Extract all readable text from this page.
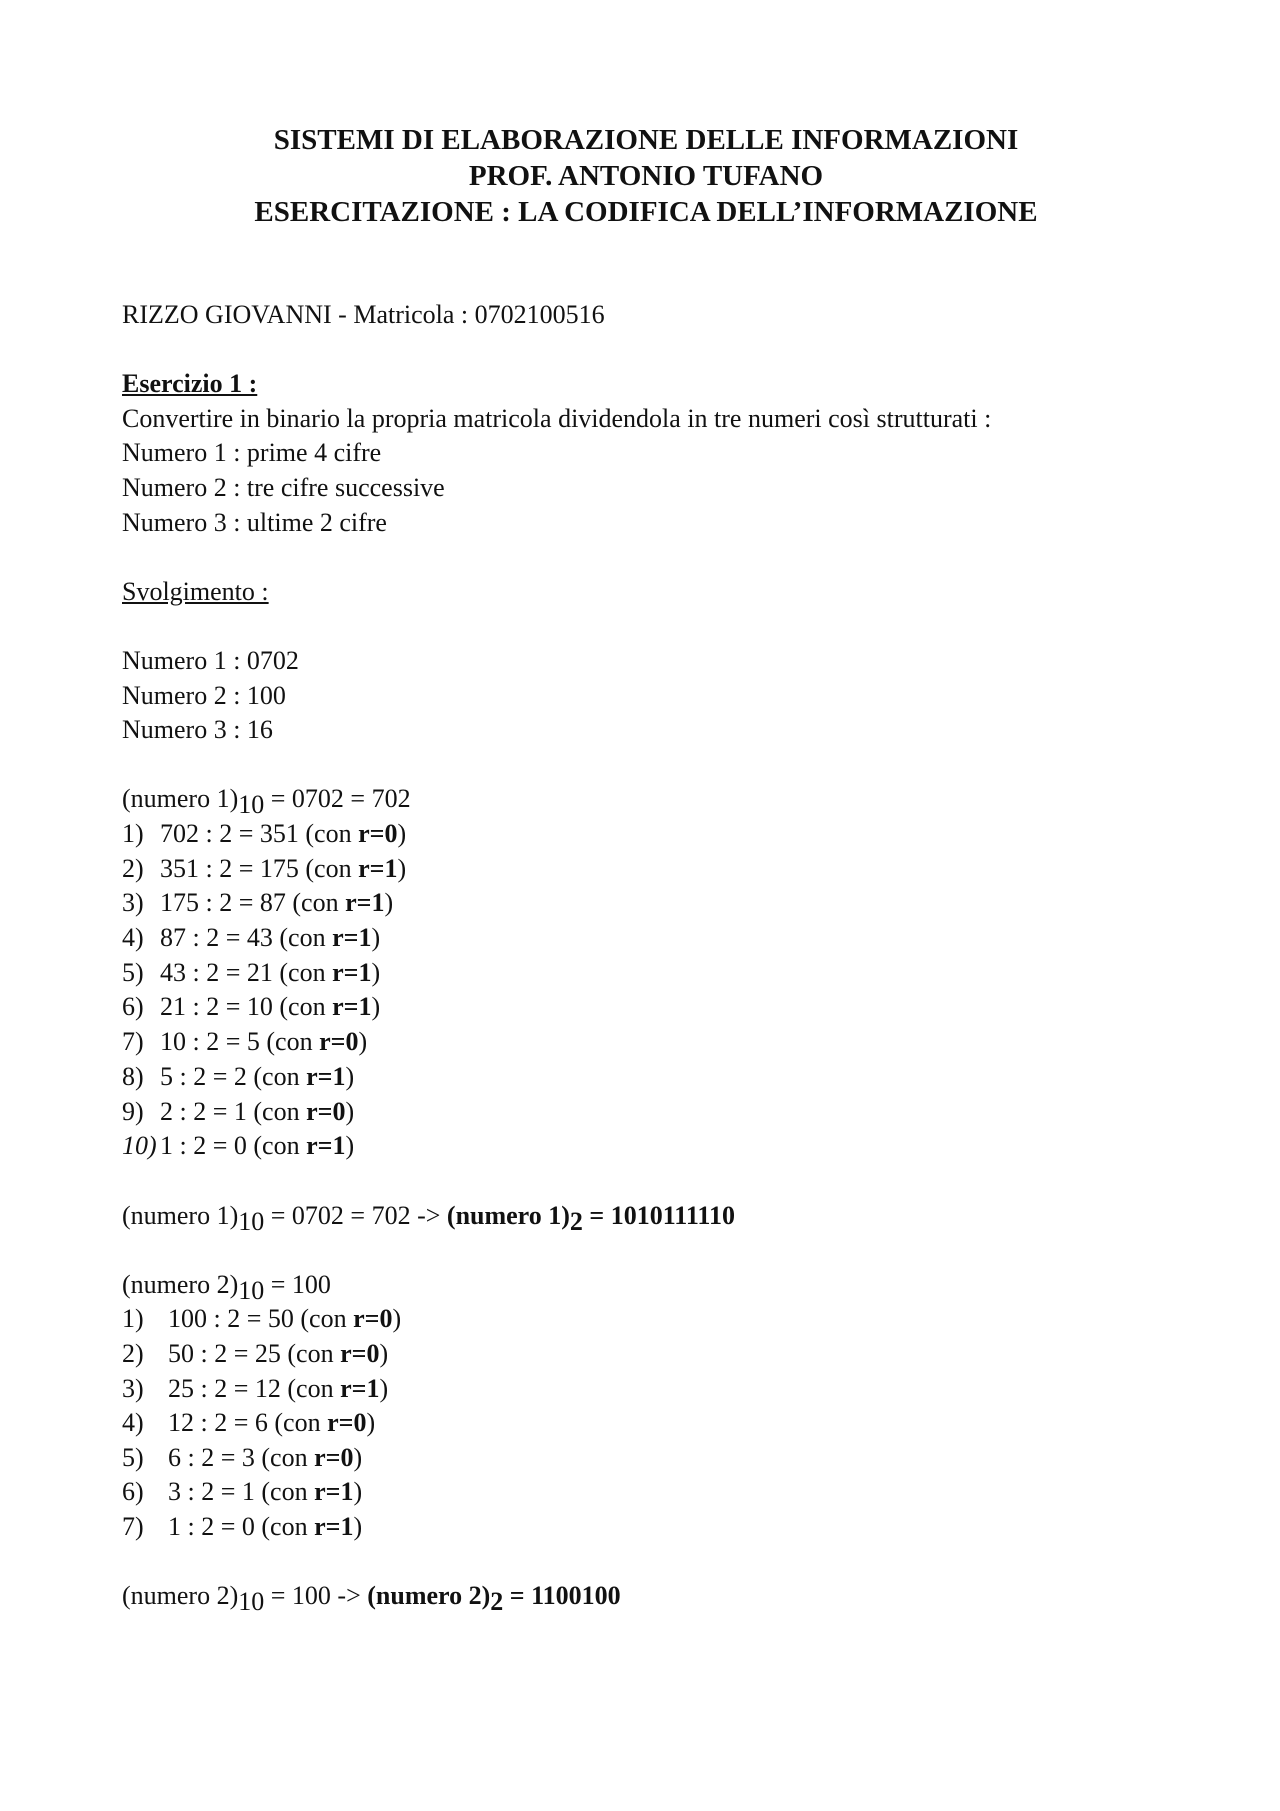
SISTEMI DI ELABORAZIONE DELLE INFORMAZIONI
PROF. ANTONIO TUFANO
ESERCITAZIONE : LA CODIFICA DELL’INFORMAZIONE
RIZZO GIOVANNI - Matricola : 0702100516
Esercizio 1 :
Convertire in binario la propria matricola dividendola in tre numeri così strutturati :
Numero 1 : prime 4 cifre
Numero 2 : tre cifre successive
Numero 3 : ultime 2 cifre
Svolgimento :
Numero 1 : 0702
Numero 2 : 100
Numero 3 : 16
(numero $1)_{10} = 0702 = 702$
1) 702 : 2 = 351 (con r=0)
2) 351 : 2 = 175 (con r=1)
3) 175 : 2 = 87 (con r=1)
4) 87 : 2 = 43 (con r=1)
5) 43 : 2 = 21 (con r=1)
6) 21 : 2 = 10 (con r=1)
7) 10 : 2 = 5 (con r=0)
8) 5 : 2 = 2 (con r=1)
9) 2 : 2 = 1 (con r=0)
10) 1 : 2 = 0 (con r=1)
(numero $1)_{10} = 0702 = 702$ -> (numero $1)_2 = 1010111110$
(numero $2)_{10} = 100$
1) 100 : 2 = 50 (con r=0)
2) 50 : 2 = 25 (con r=0)
3) 25 : 2 = 12 (con r=1)
4) 12 : 2 = 6 (con r=0)
5) 6 : 2 = 3 (con r=0)
6) 3 : 2 = 1 (con r=1)
7) 1 : 2 = 0 (con r=1)
(numero $2)_{10} = 100$ -> (numero $2)_2 = 1100100$
